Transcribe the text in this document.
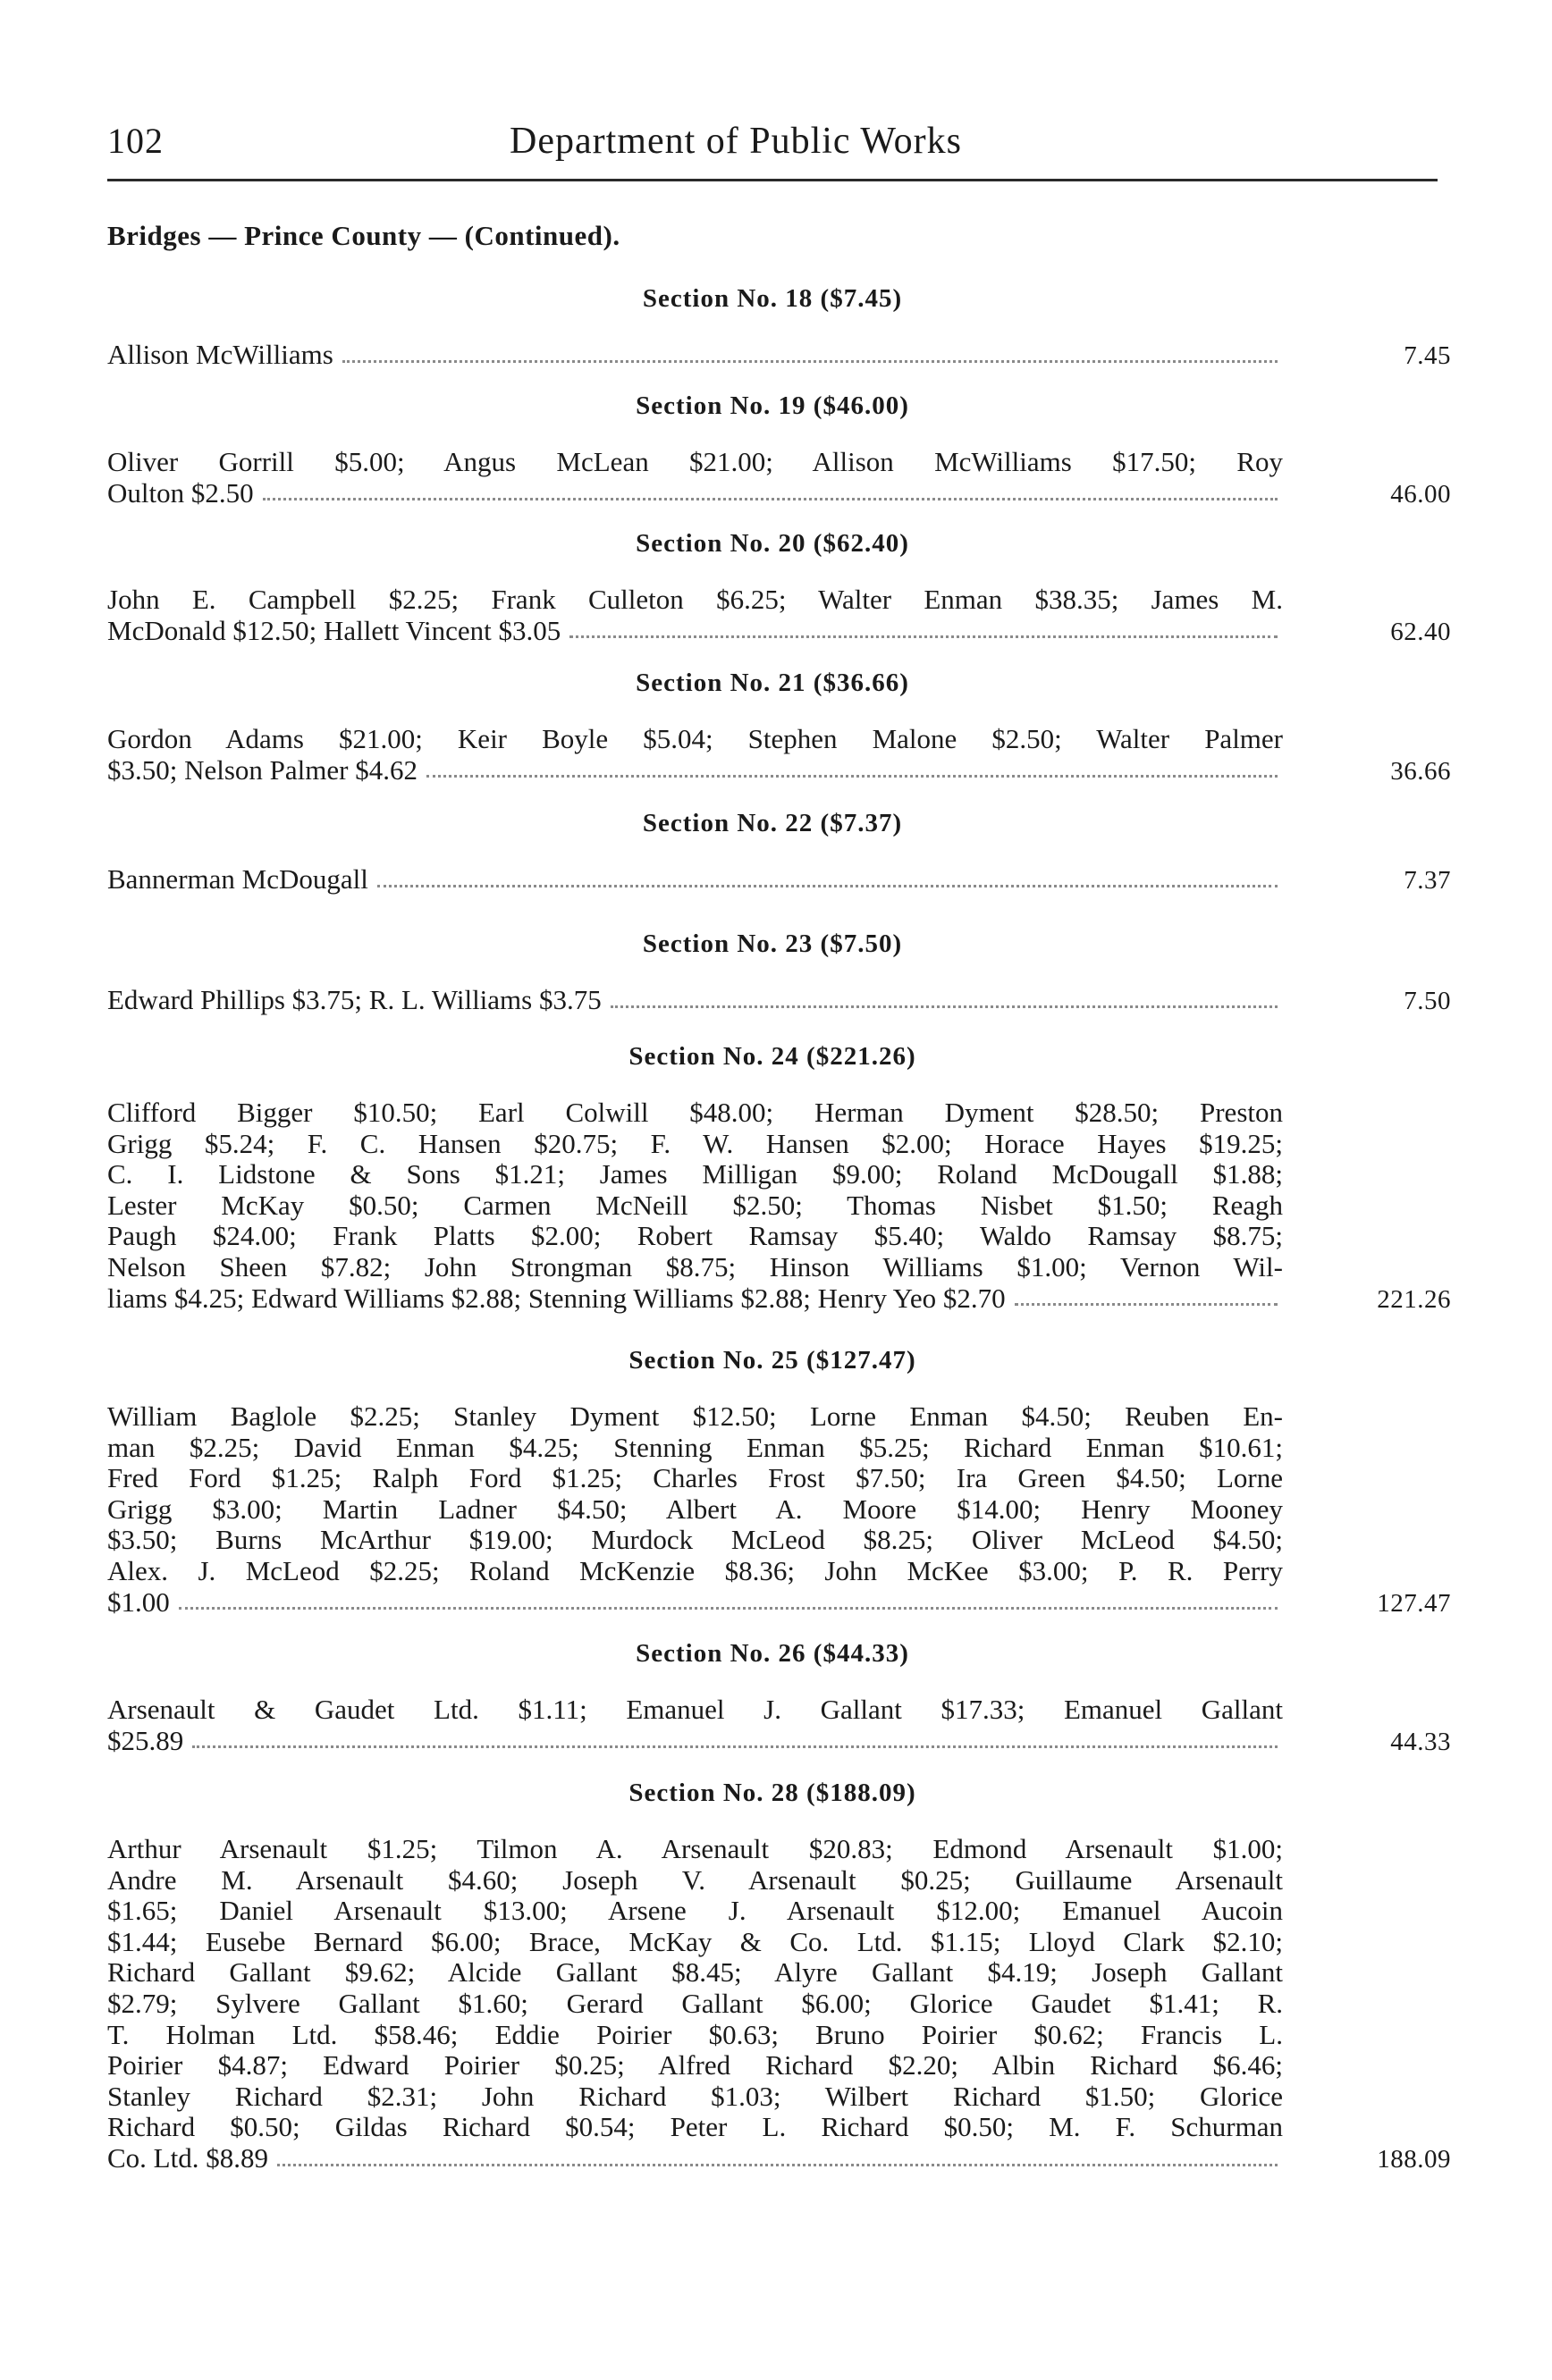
102	Department of Public Works
Bridges — Prince County — (Continued).
Section No. 18 ($7.45)
Allison McWilliams	7.45
Section No. 19 ($46.00)
Oliver Gorrill $5.00; Angus McLean $21.00; Allison McWilliams $17.50; Roy
Oulton $2.50	46.00
Section No. 20 ($62.40)
John E. Campbell $2.25; Frank Culleton $6.25; Walter Enman $38.35; James M.
McDonald $12.50; Hallett Vincent $3.05	62.40
Section No. 21 ($36.66)
Gordon Adams $21.00; Keir Boyle $5.04; Stephen Malone $2.50; Walter Palmer
$3.50; Nelson Palmer $4.62	36.66
Section No. 22 ($7.37)
Bannerman McDougall	7.37
Section No. 23 ($7.50)
Edward Phillips $3.75; R. L. Williams $3.75	7.50
Section No. 24 ($221.26)
Clifford Bigger $10.50; Earl Colwill $48.00; Herman Dyment $28.50; Preston
Grigg $5.24; F. C. Hansen $20.75; F. W. Hansen $2.00; Horace Hayes $19.25;
C. I. Lidstone & Sons $1.21; James Milligan $9.00; Roland McDougall $1.88;
Lester McKay $0.50; Carmen McNeill $2.50; Thomas Nisbet $1.50; Reagh
Paugh $24.00; Frank Platts $2.00; Robert Ramsay $5.40; Waldo Ramsay $8.75;
Nelson Sheen $7.82; John Strongman $8.75; Hinson Williams $1.00; Vernon Wil-
liams $4.25; Edward Williams $2.88; Stenning Williams $2.88; Henry Yeo $2.70	221.26
Section No. 25 ($127.47)
William Baglole $2.25; Stanley Dyment $12.50; Lorne Enman $4.50; Reuben En-
man $2.25; David Enman $4.25; Stenning Enman $5.25; Richard Enman $10.61;
Fred Ford $1.25; Ralph Ford $1.25; Charles Frost $7.50; Ira Green $4.50; Lorne
Grigg $3.00; Martin Ladner $4.50; Albert A. Moore $14.00; Henry Mooney
$3.50; Burns McArthur $19.00; Murdock McLeod $8.25; Oliver McLeod $4.50;
Alex. J. McLeod $2.25; Roland McKenzie $8.36; John McKee $3.00; P. R. Perry
$1.00	127.47
Section No. 26 ($44.33)
Arsenault & Gaudet Ltd. $1.11; Emanuel J. Gallant $17.33; Emanuel Gallant
$25.89	44.33
Section No. 28 ($188.09)
Arthur Arsenault $1.25; Tilmon A. Arsenault $20.83; Edmond Arsenault $1.00;
Andre M. Arsenault $4.60; Joseph V. Arsenault $0.25; Guillaume Arsenault
$1.65; Daniel Arsenault $13.00; Arsene J. Arsenault $12.00; Emanuel Aucoin
$1.44; Eusebe Bernard $6.00; Brace, McKay & Co. Ltd. $1.15; Lloyd Clark $2.10;
Richard Gallant $9.62; Alcide Gallant $8.45; Alyre Gallant $4.19; Joseph Gallant
$2.79; Sylvere Gallant $1.60; Gerard Gallant $6.00; Glorice Gaudet $1.41; R.
T. Holman Ltd. $58.46; Eddie Poirier $0.63; Bruno Poirier $0.62; Francis L.
Poirier $4.87; Edward Poirier $0.25; Alfred Richard $2.20; Albin Richard $6.46;
Stanley Richard $2.31; John Richard $1.03; Wilbert Richard $1.50; Glorice
Richard $0.50; Gildas Richard $0.54; Peter L. Richard $0.50; M. F. Schurman
Co. Ltd. $8.89	188.09
